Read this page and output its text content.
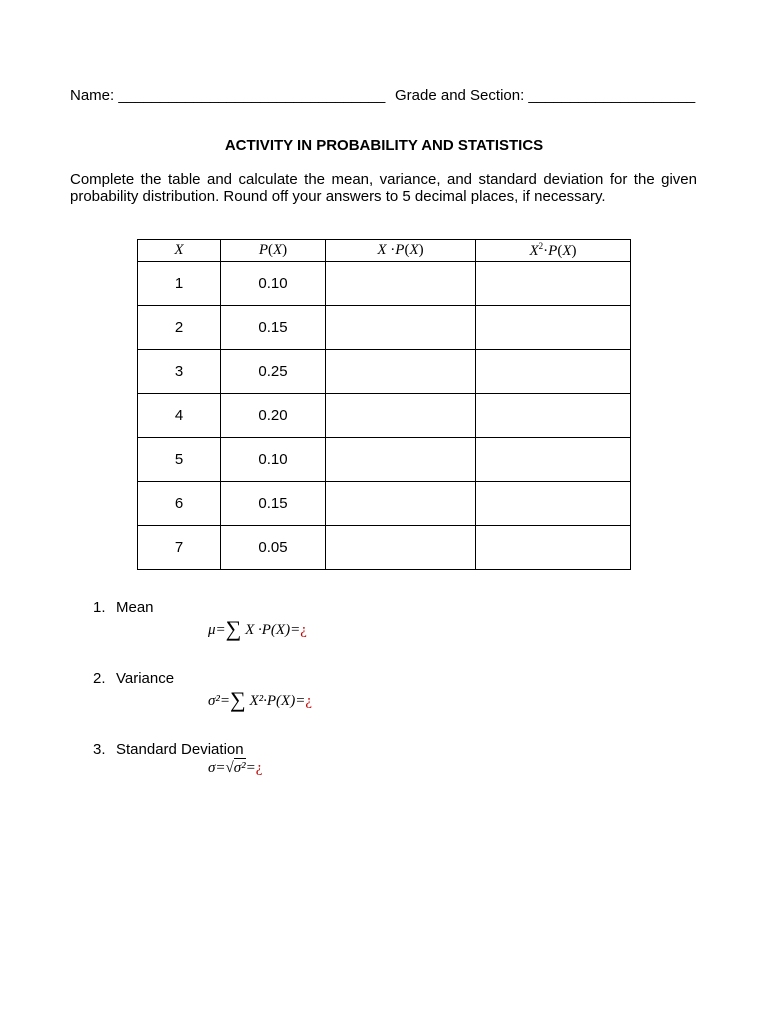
Name: ________________________________ Grade and Section: ____________________
ACTIVITY IN PROBABILITY AND STATISTICS
Complete the table and calculate the mean, variance, and standard deviation for the given probability distribution. Round off your answers to 5 decimal places, if necessary.
X	P(X)	X ·P(X)	$X^2\cdot P(X)$
1	0.10		
2	0.15		
3	0.25		
4	0.20		
5	0.10		
6	0.15		
7	0.05		
1. Mean
μ=∑ X ·P(X)=¿
2. Variance
σ²=∑ X²·P(X)=¿
3. Standard Deviation
σ=√σ²=¿
